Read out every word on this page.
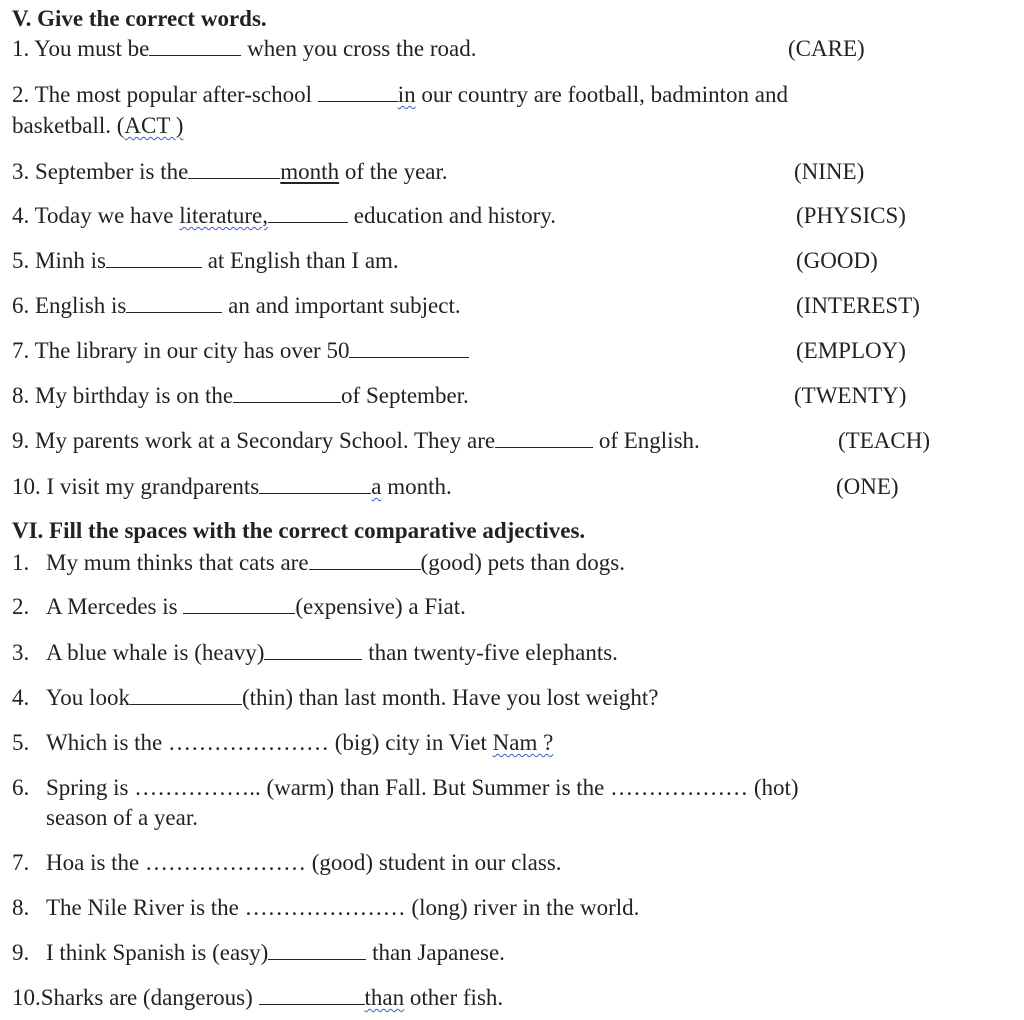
V. Give the correct words.
1. You must be	when you cross the road.	(CARE)
2. The most popular after-school	in our country are football, badminton and
basketball. (ACT )
3. September is the	month of the year.	(NINE)
4. Today we have literature,	education and history.	(PHYSICS)
5. Minh is	at English than I am.	(GOOD)
6. English is	an and important subject.	(INTEREST)
7. The library in our city has over 50	(EMPLOY)
8. My birthday is on the	of September.	(TWENTY)
9. My parents work at a Secondary School. They are	of English.	(TEACH)
10. I visit my grandparents	a month.	(ONE)
VI. Fill the spaces with the correct comparative adjectives.
1. My mum thinks that cats are	(good) pets than dogs.
2. A Mercedes is	(expensive) a Fiat.
3. A blue whale is (heavy)	than twenty-five elephants.
4. You look	(thin) than last month. Have you lost weight?
5. Which is the ………………… (big) city in Viet Nam ?
6. Spring is …………….. (warm) than Fall. But Summer is the ……………… (hot)
season of a year.
7. Hoa is the ………………… (good) student in our class.
8. The Nile River is the ………………… (long) river in the world.
9. I think Spanish is (easy)	than Japanese.
10.Sharks are (dangerous)	than other fish.
